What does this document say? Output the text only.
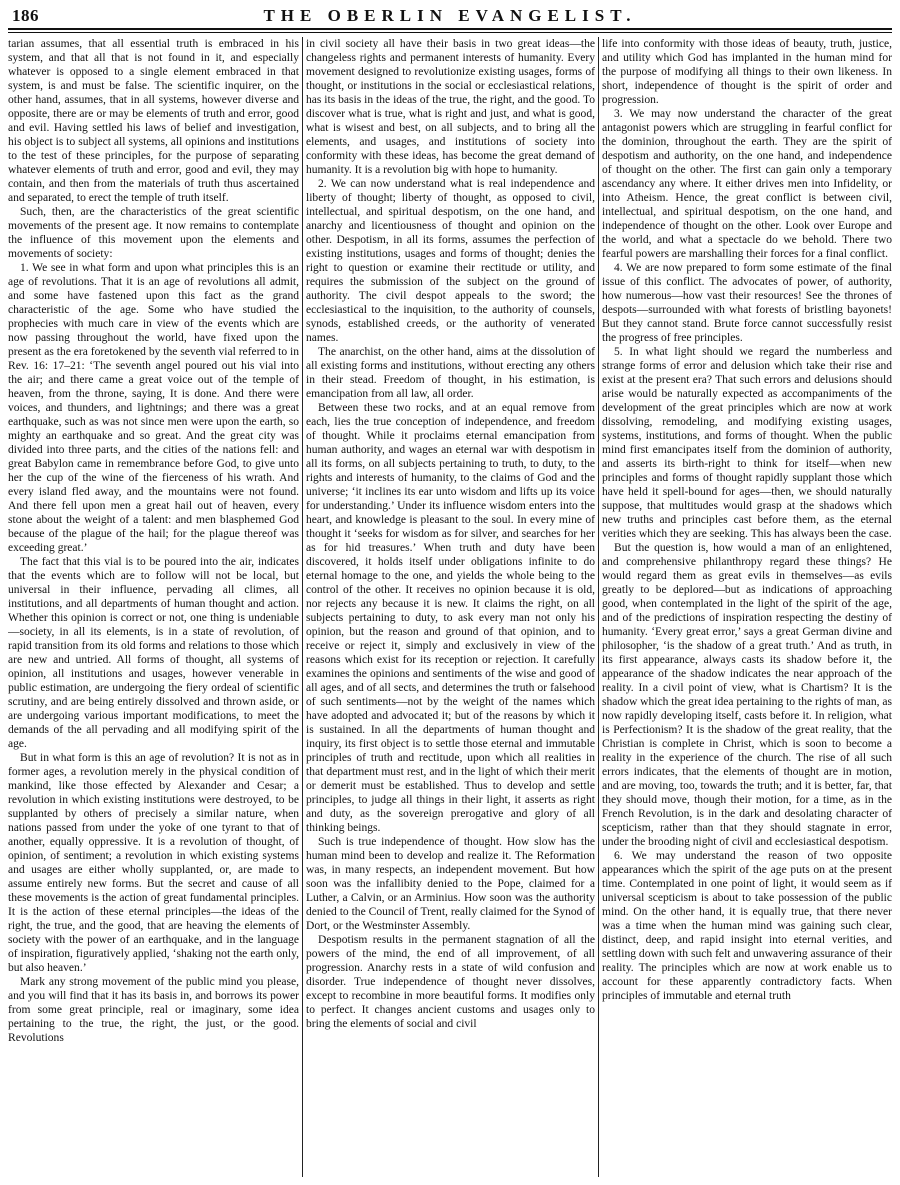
186	THE OBERLIN EVANGELIST.

tarian assumes, that all essential truth is embraced in his system, and that all that is not found in it, and especially whatever is opposed to a single element embraced in that system, is and must be false. The scientific inquirer, on the other hand, assumes, that in all systems, however diverse and opposite, there are or may be elements of truth and error, good and evil. Having settled his laws of belief and investigation, his object is to subject all systems, all opinions and institutions to the test of these principles, for the purpose of separating whatever elements of truth and error, good and evil, they may contain, and then from the materials of truth thus ascertained and separated, to erect the temple of truth itself.

Such, then, are the characteristics of the great scientific movements of the present age. It now remains to contemplate the influence of this movement upon the elements and movements of society:

1. We see in what form and upon what principles this is an age of revolutions. That it is an age of revolutions all admit, and some have fastened upon this fact as the grand characteristic of the age. Some who have studied the prophecies with much care in view of the events which are now passing throughout the world, have fixed upon the present as the era foretokened by the seventh vial referred to in Rev. 16: 17–21: ‘The seventh angel poured out his vial into the air; and there came a great voice out of the temple of heaven, from the throne, saying, It is done. And there were voices, and thunders, and lightnings; and there was a great earthquake, such as was not since men were upon the earth, so mighty an earthquake and so great. And the great city was divided into three parts, and the cities of the nations fell: and great Babylon came in remembrance before God, to give unto her the cup of the wine of the fierceness of his wrath. And every island fled away, and the mountains were not found. And there fell upon men a great hail out of heaven, every stone about the weight of a talent: and men blasphemed God because of the plague of the hail; for the plague thereof was exceeding great.’

The fact that this vial is to be poured into the air, indicates that the events which are to follow will not be local, but universal in their influence, pervading all climes, all institutions, and all departments of human thought and action. Whether this opinion is correct or not, one thing is undeniable—society, in all its elements, is in a state of revolution, of rapid transition from its old forms and relations to those which are new and untried. All forms of thought, all systems of opinion, all institutions and usages, however venerable in public estimation, are undergoing the fiery ordeal of scientific scrutiny, and are being entirely dissolved and thrown aside, or are undergoing various important modifications, to meet the demands of the all pervading and all modifying spirit of the age.

But in what form is this an age of revolution? It is not as in former ages, a revolution merely in the physical condition of mankind, like those effected by Alexander and Cesar; a revolution in which existing institutions were destroyed, to be supplanted by others of precisely a similar nature, when nations passed from under the yoke of one tyrant to that of another, equally oppressive. It is a revolution of thought, of opinion, of sentiment; a revolution in which existing systems and usages are either wholly supplanted, or, are made to assume entirely new forms. But the secret and cause of all these movements is the action of great fundamental principles. It is the action of these eternal principles—the ideas of the right, the true, and the good, that are heaving the elements of society with the power of an earthquake, and in the language of inspiration, figuratively applied, ‘shaking not the earth only, but also heaven.’

Mark any strong movement of the public mind you please, and you will find that it has its basis in, and borrows its power from some great principle, real or imaginary, some idea pertaining to the true, the right, the just, or the good. Revolutions

in civil society all have their basis in two great ideas—the changeless rights and permanent interests of humanity. Every movement designed to revolutionize existing usages, forms of thought, or institutions in the social or ecclesiastical relations, has its basis in the ideas of the true, the right, and the good. To discover what is true, what is right and just, and what is good, what is wisest and best, on all subjects, and to bring all the elements, and usages, and institutions of society into conformity with these ideas, has become the great demand of humanity. It is a revolution big with hope to humanity.

2. We can now understand what is real independence and liberty of thought; liberty of thought, as opposed to civil, intellectual, and spiritual despotism, on the one hand, and anarchy and licentiousness of thought and opinion on the other. Despotism, in all its forms, assumes the perfection of existing institutions, usages and forms of thought; denies the right to question or examine their rectitude or utility, and requires the submission of the subject on the ground of authority. The civil despot appeals to the sword; the ecclesiastical to the inquisition, to the authority of counsels, synods, established creeds, or the authority of venerated names.

The anarchist, on the other hand, aims at the dissolution of all existing forms and institutions, without erecting any others in their stead. Freedom of thought, in his estimation, is emancipation from all law, all order.

Between these two rocks, and at an equal remove from each, lies the true conception of independence, and freedom of thought. While it proclaims eternal emancipation from human authority, and wages an eternal war with despotism in all its forms, on all subjects pertaining to truth, to duty, to the rights and interests of humanity, to the claims of God and the universe; ‘it inclines its ear unto wisdom and lifts up its voice for understanding.’ Under its influence wisdom enters into the heart, and knowledge is pleasant to the soul. In every mine of thought it ‘seeks for wisdom as for silver, and searches for her as for hid treasures.’ When truth and duty have been discovered, it holds itself under obligations infinite to do eternal homage to the one, and yields the whole being to the control of the other. It receives no opinion because it is old, nor rejects any because it is new. It claims the right, on all subjects pertaining to duty, to ask every man not only his opinion, but the reason and ground of that opinion, and to receive or reject it, simply and exclusively in view of the reasons which exist for its reception or rejection. It carefully examines the opinions and sentiments of the wise and good of all ages, and of all sects, and determines the truth or falsehood of such sentiments—not by the weight of the names which have adopted and advocated it; but of the reasons by which it is sustained. In all the departments of human thought and inquiry, its first object is to settle those eternal and immutable principles of truth and rectitude, upon which all realities in that department must rest, and in the light of which their merit or demerit must be established. Thus to develop and settle principles, to judge all things in their light, it asserts as right and duty, as the sovereign prerogative and glory of all thinking beings.

Such is true independence of thought. How slow has the human mind been to develop and realize it. The Reformation was, in many respects, an independent movement. But how soon was the infallibity denied to the Pope, claimed for a Luther, a Calvin, or an Arminius. How soon was the authority denied to the Council of Trent, really claimed for the Synod of Dort, or the Westminster Assembly.

Despotism results in the permanent stagnation of all the powers of the mind, the end of all improvement, of all progression. Anarchy rests in a state of wild confusion and disorder. True independence of thought never dissolves, except to recombine in more beautiful forms. It modifies only to perfect. It changes ancient customs and usages only to bring the elements of social and civil

life into conformity with those ideas of beauty, truth, justice, and utility which God has implanted in the human mind for the purpose of modifying all things to their own likeness. In short, independence of thought is the spirit of order and progression.

3. We may now understand the character of the great antagonist powers which are struggling in fearful conflict for the dominion, throughout the earth. They are the spirit of despotism and authority, on the one hand, and independence of thought on the other. The first can gain only a temporary ascendancy any where. It either drives men into Infidelity, or into Atheism. Hence, the great conflict is between civil, intellectual, and spiritual despotism, on the one hand, and independence of thought on the other. Look over Europe and the world, and what a spectacle do we behold. There two fearful powers are marshalling their forces for a final conflict.

4. We are now prepared to form some estimate of the final issue of this conflict. The advocates of power, of authority, how numerous—how vast their resources! See the thrones of despots—surrounded with what forests of bristling bayonets! But they cannot stand. Brute force cannot successfully resist the progress of free principles.

5. In what light should we regard the numberless and strange forms of error and delusion which take their rise and exist at the present era? That such errors and delusions should arise would be naturally expected as accompaniments of the development of the great principles which are now at work dissolving, remodeling, and modifying existing usages, systems, institutions, and forms of thought. When the public mind first emancipates itself from the dominion of authority, and asserts its birth-right to think for itself—when new principles and forms of thought rapidly supplant those which have held it spell-bound for ages—then, we should naturally suppose, that multitudes would grasp at the shadows which new truths and principles cast before them, as the eternal verities which they are seeking. This has always been the case.

But the question is, how would a man of an enlightened, and comprehensive philanthropy regard these things? He would regard them as great evils in themselves—as evils greatly to be deplored—but as indications of approaching good, when contemplated in the light of the spirit of the age, and of the predictions of inspiration respecting the destiny of humanity. ‘Every great error,’ says a great German divine and philosopher, ‘is the shadow of a great truth.’ And as truth, in its first appearance, always casts its shadow before it, the appearance of the shadow indicates the near approach of the reality. In a civil point of view, what is Chartism? It is the shadow which the great idea pertaining to the rights of man, as now rapidly developing itself, casts before it. In religion, what is Perfectionism? It is the shadow of the great reality, that the Christian is complete in Christ, which is soon to become a reality in the experience of the church. The rise of all such errors indicates, that the elements of thought are in motion, and are moving, too, towards the truth; and it is better, far, that they should move, though their motion, for a time, as in the French Revolution, is in the dark and desolating character of scepticism, rather than that they should stagnate in error, under the brooding night of civil and ecclesiastical despotism.

6. We may understand the reason of two opposite appearances which the spirit of the age puts on at the present time. Contemplated in one point of light, it would seem as if universal scepticism is about to take possession of the public mind. On the other hand, it is equally true, that there never was a time when the human mind was gaining such clear, distinct, deep, and rapid insight into eternal verities, and settling down with such felt and unwavering assurance of their reality. The principles which are now at work enable us to account for these apparently contradictory facts. When principles of immutable and eternal truth
